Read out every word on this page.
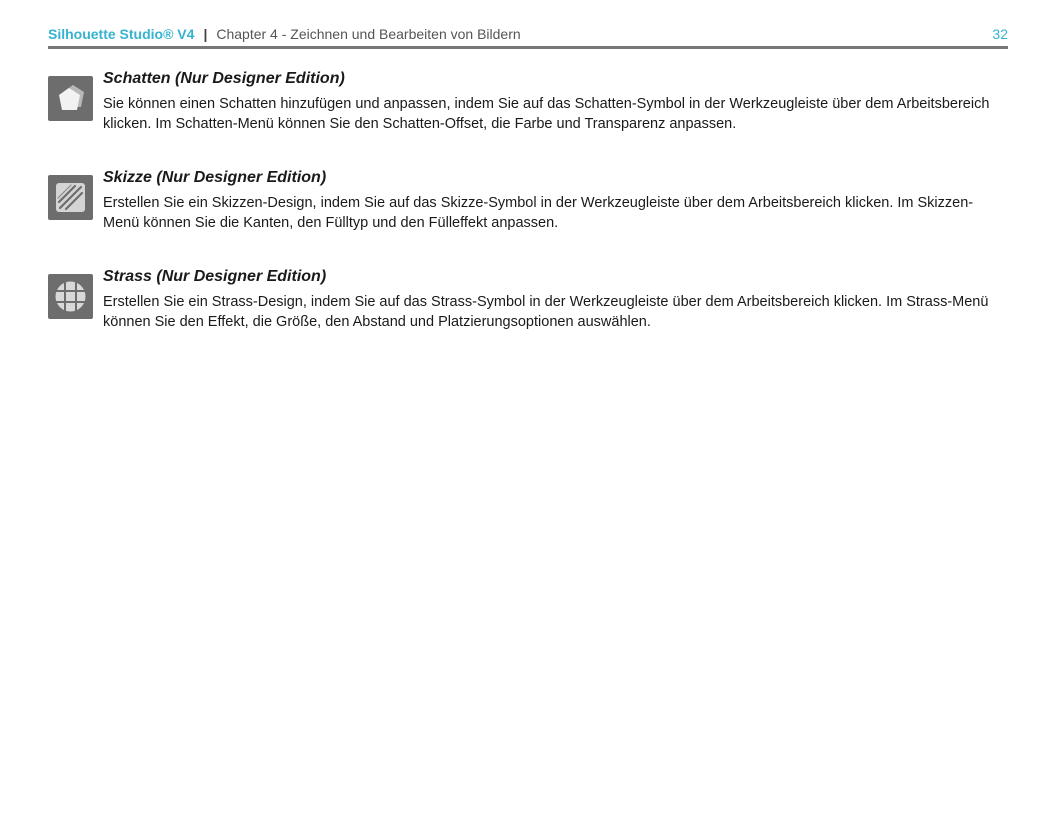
Silhouette Studio® V4 | Chapter 4 - Zeichnen und Bearbeiten von Bildern	32
Schatten (Nur Designer Edition)
Sie können einen Schatten hinzufügen und anpassen, indem Sie auf das Schatten-Symbol in der Werkzeugleiste über dem Arbeitsbereich klicken. Im Schatten-Menü können Sie den Schatten-Offset, die Farbe und Transparenz anpassen.
Skizze (Nur Designer Edition)
Erstellen Sie ein Skizzen-Design, indem Sie auf das Skizze-Symbol in der Werkzeugleiste über dem Arbeitsbereich klicken. Im Skizzen-Menü können Sie die Kanten, den Fülltyp und den Fülleffekt anpassen.
Strass (Nur Designer Edition)
Erstellen Sie ein Strass-Design, indem Sie auf das Strass-Symbol in der Werkzeugleiste über dem Arbeitsbereich klicken. Im Strass-Menü können Sie den Effekt, die Größe, den Abstand und Platzierungsoptionen auswählen.
